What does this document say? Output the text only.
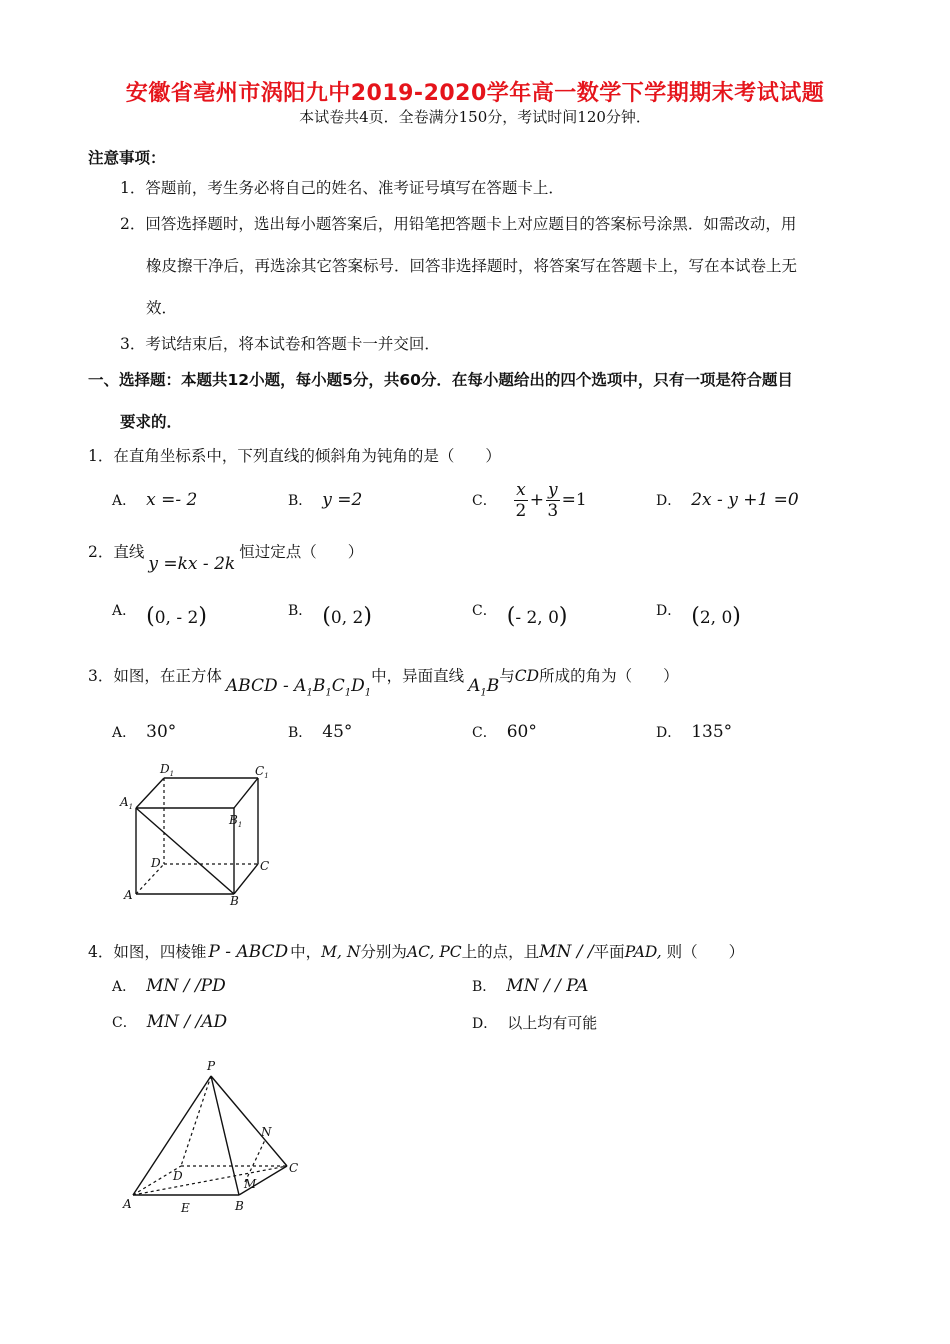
安徽省亳州市涡阳九中2019-2020学年高一数学下学期期末考试试题
本试卷共4页．全卷满分150分，考试时间120分钟．
注意事项：
1．答题前，考生务必将自己的姓名、准考证号填写在答题卡上．
2．回答选择题时，选出每小题答案后，用铅笔把答题卡上对应题目的答案标号涂黑．如需改动，用
橡皮擦干净后，再选涂其它答案标号．回答非选择题时，将答案写在答题卡上，写在本试卷上无
效．
3．考试结束后，将本试卷和答题卡一并交回．
一、选择题：本题共12小题，每小题5分，共60分．在每小题给出的四个选项中，只有一项是符合题目
要求的．
1．在直角坐标系中，下列直线的倾斜角为钝角的是（　　）
A． x =- 2	B． y =2	C． $\frac{x}{2} + \frac{y}{3} =1$	D． 2x - y +1 =0
2．直线y =kx - 2k恒过定点（　　）
A． (0, - 2)	B． (0, 2)	C． (- 2, 0)	D． (2, 0)
3．如图，在正方体 ABCD - $A_1B_1C_1D_1$中，异面直线 $A_1B$与CD所成的角为（　　）
A． 30°	B． 45°	C． 60°	D． 135°
$D_1$	$C_1$
$A_1$
$B_1$
D	C
A	B
4．如图，四棱锥 P - ABCD 中，M, N分别为AC, PC上的点，且MN / /平面PAD, 则（　　）
A． MN / /PD	B． MN / / PA
C． MN / /AD	D． 以上均有可能
P
N
D
C
M
A	E	B
